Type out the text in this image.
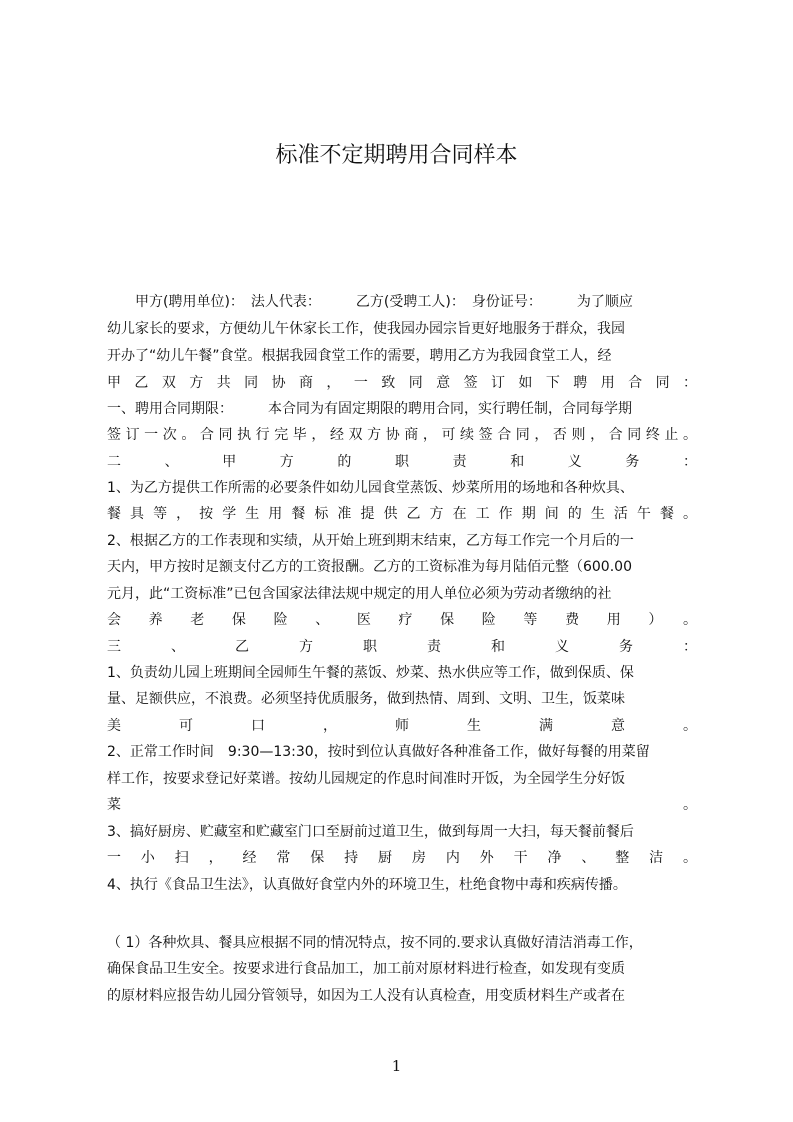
标准不定期聘用合同样本
　　甲方(聘用单位)：　法人代表：　　　乙方(受聘工人)：　身份证号：　　　为了顺应
幼儿家长的要求，方便幼儿午休家长工作，使我园办园宗旨更好地服务于群众，我园
开办了“幼儿午餐”食堂。根据我园食堂工作的需要，聘用乙方为我园食堂工人，经
甲乙双方共同协商，一致同意签订如下聘用合同：
一、聘用合同期限：　　　本合同为有固定期限的聘用合同，实行聘任制，合同每学期
签订一次。合同执行完毕，经双方协商，可续签合同，否则，合同终止。
二、甲方的职责和义务：
1、为乙方提供工作所需的必要条件如幼儿园食堂蒸饭、炒菜所用的场地和各种炊具、
餐具等，按学生用餐标准提供乙方在工作期间的生活午餐。
2、根据乙方的工作表现和实绩，从开始上班到期末结束，乙方每工作完一个月后的一
天内，甲方按时足额支付乙方的工资报酬。乙方的工资标准为每月陆佰元整（600.00
元月，此“工资标准”已包含国家法律法规中规定的用人单位必须为劳动者缴纳的社
会养老保险、医疗保险等费用）。
三、乙方职责和义务：
1、负责幼儿园上班期间全园师生午餐的蒸饭、炒菜、热水供应等工作，做到保质、保
量、足额供应，不浪费。必须坚持优质服务，做到热情、周到、文明、卫生，饭菜味
美可口，师生满意。
2、正常工作时间　9:30—13:30，按时到位认真做好各种准备工作，做好每餐的用菜留
样工作，按要求登记好菜谱。按幼儿园规定的作息时间准时开饭，为全园学生分好饭
菜	。
3、搞好厨房、贮藏室和贮藏室门口至厨前过道卫生，做到每周一大扫，每天餐前餐后
一小扫，经常保持厨房内外干净、整洁。
4、执行《食品卫生法》，认真做好食堂内外的环境卫生，杜绝食物中毒和疾病传播。
（ 1）各种炊具、餐具应根据不同的情况特点，按不同的.要求认真做好清洁消毒工作，
确保食品卫生安全。按要求进行食品加工，加工前对原材料进行检查，如发现有变质
的原材料应报告幼儿园分管领导，如因为工人没有认真检查，用变质材料生产或者在
1
